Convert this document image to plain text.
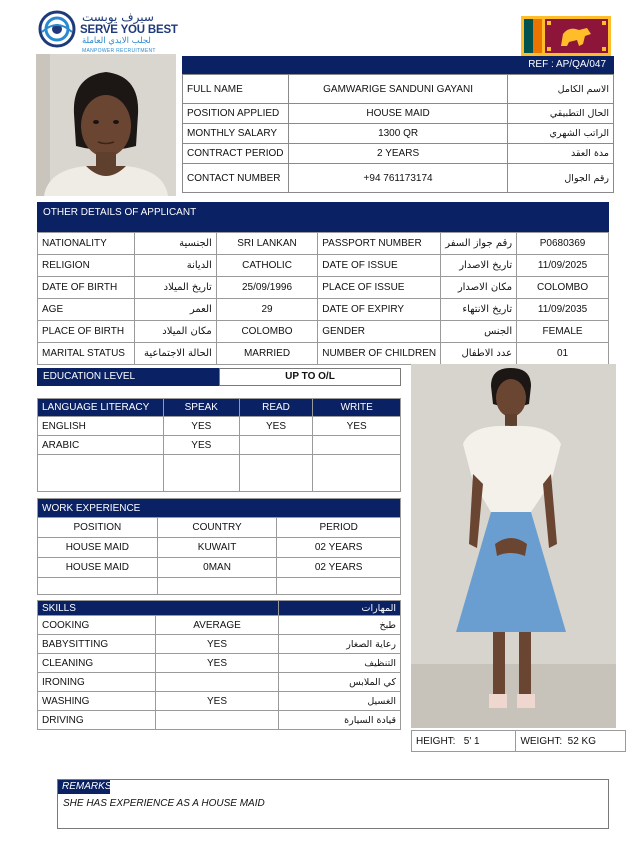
سيرف يوبست
SERVE YOU BEST
لجلب الايدي العاملة
MANPOWER RECRUITMENT
REF : AP/QA/047
FULL NAME	GAMWARIGE SANDUNI GAYANI	الاسم الكامل
POSITION APPLIED	HOUSE MAID	الحال التطبيقي
MONTHLY SALARY	1300 QR	الراتب الشهري
CONTRACT PERIOD	2 YEARS	مدة العقد
CONTACT NUMBER	+94 761173174	رقم الجوال
OTHER DETAILS OF APPLICANT
NATIONALITY	الجنسية	SRI LANKAN	PASSPORT NUMBER	رقم جواز السفر	P0680369
RELIGION	الديانة	CATHOLIC	DATE OF ISSUE	تاريخ الاصدار	11/09/2025
DATE OF BIRTH	تاريخ الميلاد	25/09/1996	PLACE OF ISSUE	مكان الاصدار	COLOMBO
AGE	العمر	29	DATE OF EXPIRY	تاريخ الانتهاء	11/09/2035
PLACE OF BIRTH	مكان الميلاد	COLOMBO	GENDER	الجنس	FEMALE
MARITAL STATUS	الحالة الاجتماعية	MARRIED	NUMBER OF CHILDREN	عدد الاطفال	01
EDUCATION LEVEL	UP TO O/L
LANGUAGE LITERACY	SPEAK	READ	WRITE
ENGLISH	YES	YES	YES
ARABIC	YES		

WORK EXPERIENCE		
POSITION	COUNTRY	PERIOD
HOUSE MAID	KUWAIT	02 YEARS
HOUSE MAID	0MAN	02 YEARS

SKILLS		المهارات
COOKING	AVERAGE	طبخ
BABYSITTING	YES	رعاية الصغار
CLEANING	YES	التنظيف
IRONING		كي الملابس
WASHING	YES	الغسيل
DRIVING		قيادة السيارة
HEIGHT:   5' 1	WEIGHT:  52 KG
REMARKS
SHE HAS EXPERIENCE AS A HOUSE MAID
